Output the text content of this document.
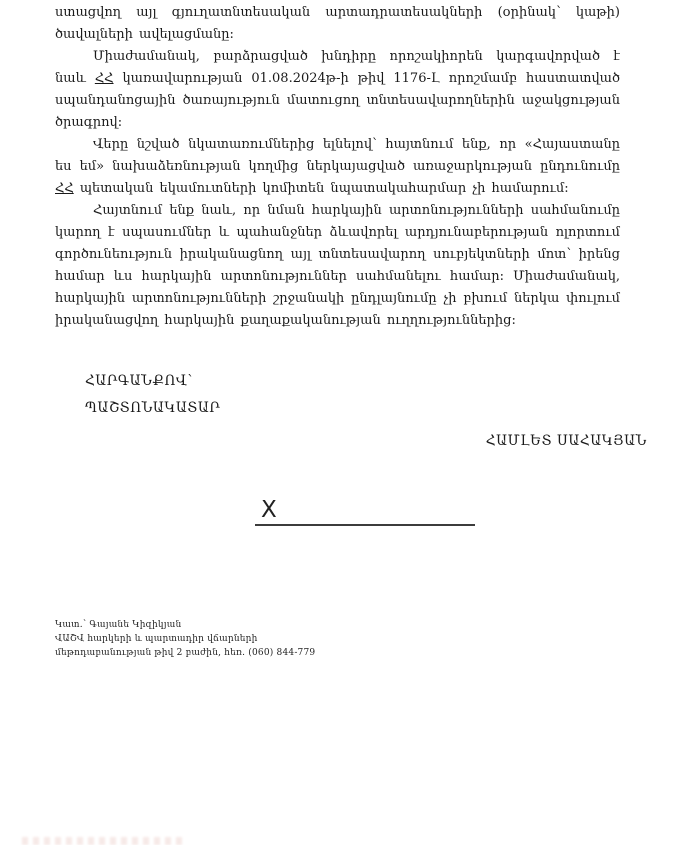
ստացվող այլ գյուղատնտեսական արտադրատեսակների (օրինակ՝ կաթի) ծավալների ավելացմանը:

Միաժամանակ, բարձրացված խնդիրը որոշակիորեն կարգավորված է նաև ՀՀ կառավարության 01.08.2024թ-ի թիվ 1176-Լ որոշմամբ հաստատված սպանդանոցային ծառայություն մատուցող տնտեսավարողներին աջակցության ծրագրով:

Վերը նշված նկատառումներից ելնելով՝ հայտնում ենք, որ «Հայաստանը ես եմ» նախաձեռնության կողմից ներկայացված առաջարկության ընդունումը ՀՀ պետական եկամուտների կոմիտեն նպատակահարմար չի համարում:

Հայտնում ենք նաև, որ նման հարկային արտոնությունների սահմանումը կարող է սպասումներ և պահանջներ ձևավորել արդյունաբերության ոլորտում գործունեություն իրականացնող այլ տնտեսավարող սուբյեկտների մոտ՝ իրենց համար ևս հարկային արտոնություններ սահմանելու համար: Միաժամանակ, հարկային արտոնությունների շրջանակի ընդլայնումը չի բխում ներկա փուլում իրականացվող հարկային քաղաքականության ուղղություններից:

ՀԱՐԳԱՆՔՈՎ՝
ՊԱՇՏՈՆԱԿԱՏԱՐ
ՀԱՄԼԵՏ ՍԱՀԱԿՅԱՆ
X
Կատ.՝ Գայանե Կիզիկյան
ՎԱՇՎ հարկերի և պարտադիր վճարների
մեթոդաբանության թիվ 2 բաժին, հեռ. (060) 844-779
